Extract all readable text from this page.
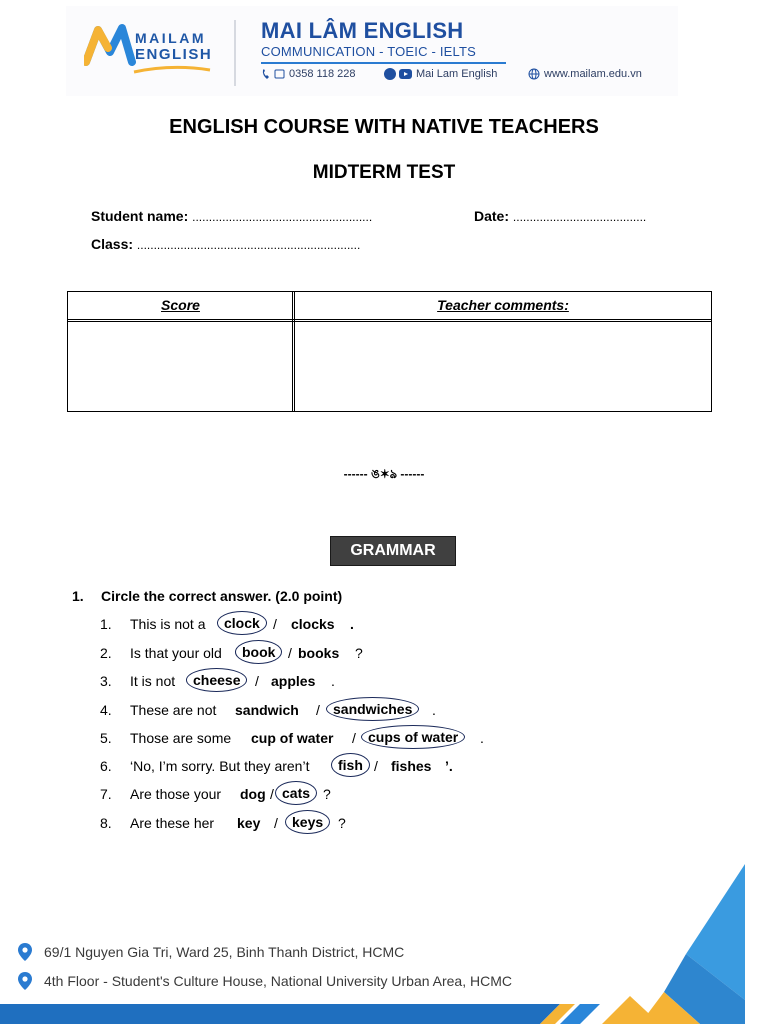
MAILAM
ENGLISH
MAI LÂM ENGLISH
COMMUNICATION - TOEIC - IELTS
0358 118 228	Mai Lam English	www.mailam.edu.vn
ENGLISH COURSE WITH NATIVE TEACHERS
MIDTERM TEST
Student name: ......................................................	Date: ........................................
Class: ...................................................................
Score	Teacher comments:
------ ঙ✶ঌ ------
GRAMMAR
1. Circle the correct answer. (2.0 point)
1.	This is not a	clock / clocks .
2.	Is that your old	book / books ?
3.	It is not	cheese	/ apples .
4.	These are not sandwich / sandwiches	.
5.	Those are some cup of water / cups of water	.
6.	‘No, I’m sorry. But they aren’t	fish / fishes ’.
7.	Are those your dog / cats ?
8.	Are these her key /	keys	?
69/1 Nguyen Gia Tri, Ward 25, Binh Thanh District, HCMC
4th Floor - Student's Culture House, National University Urban Area, HCMC
